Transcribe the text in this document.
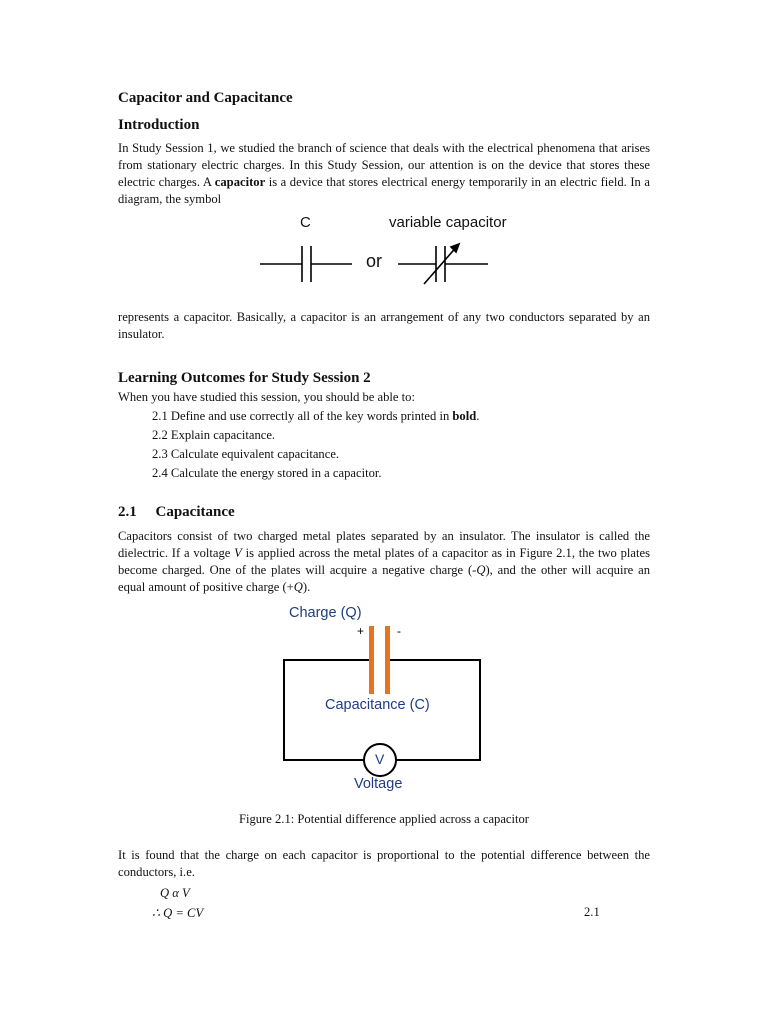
Capacitor and Capacitance

Introduction

In Study Session 1, we studied the branch of science that deals with the electrical phenomena that arises from stationary electric charges. In this Study Session, our attention is on the device that stores these electric charges. A capacitor is a device that stores electrical energy temporarily in an electric field. In a diagram, the symbol

C	variable capacitor
or

represents a capacitor. Basically, a capacitor is an arrangement of any two conductors separated by an insulator.

Learning Outcomes for Study Session 2

When you have studied this session, you should be able to:

2.1 Define and use correctly all of the key words printed in bold.
2.2 Explain capacitance.
2.3 Calculate equivalent capacitance.
2.4 Calculate the energy stored in a capacitor.

2.1     Capacitance

Capacitors consist of two charged metal plates separated by an insulator. The insulator is called the dielectric. If a voltage V is applied across the metal plates of a capacitor as in Figure 2.1, the two plates become charged. One of the plates will acquire a negative charge (-Q), and the other will acquire an equal amount of positive charge (+Q).

Charge (Q)
+	-
Capacitance (C)
V
Voltage

Figure 2.1: Potential difference applied across a capacitor

It is found that the charge on each capacitor is proportional to the potential difference between the conductors, i.e.

Q α V
∴ Q = CV	2.1
